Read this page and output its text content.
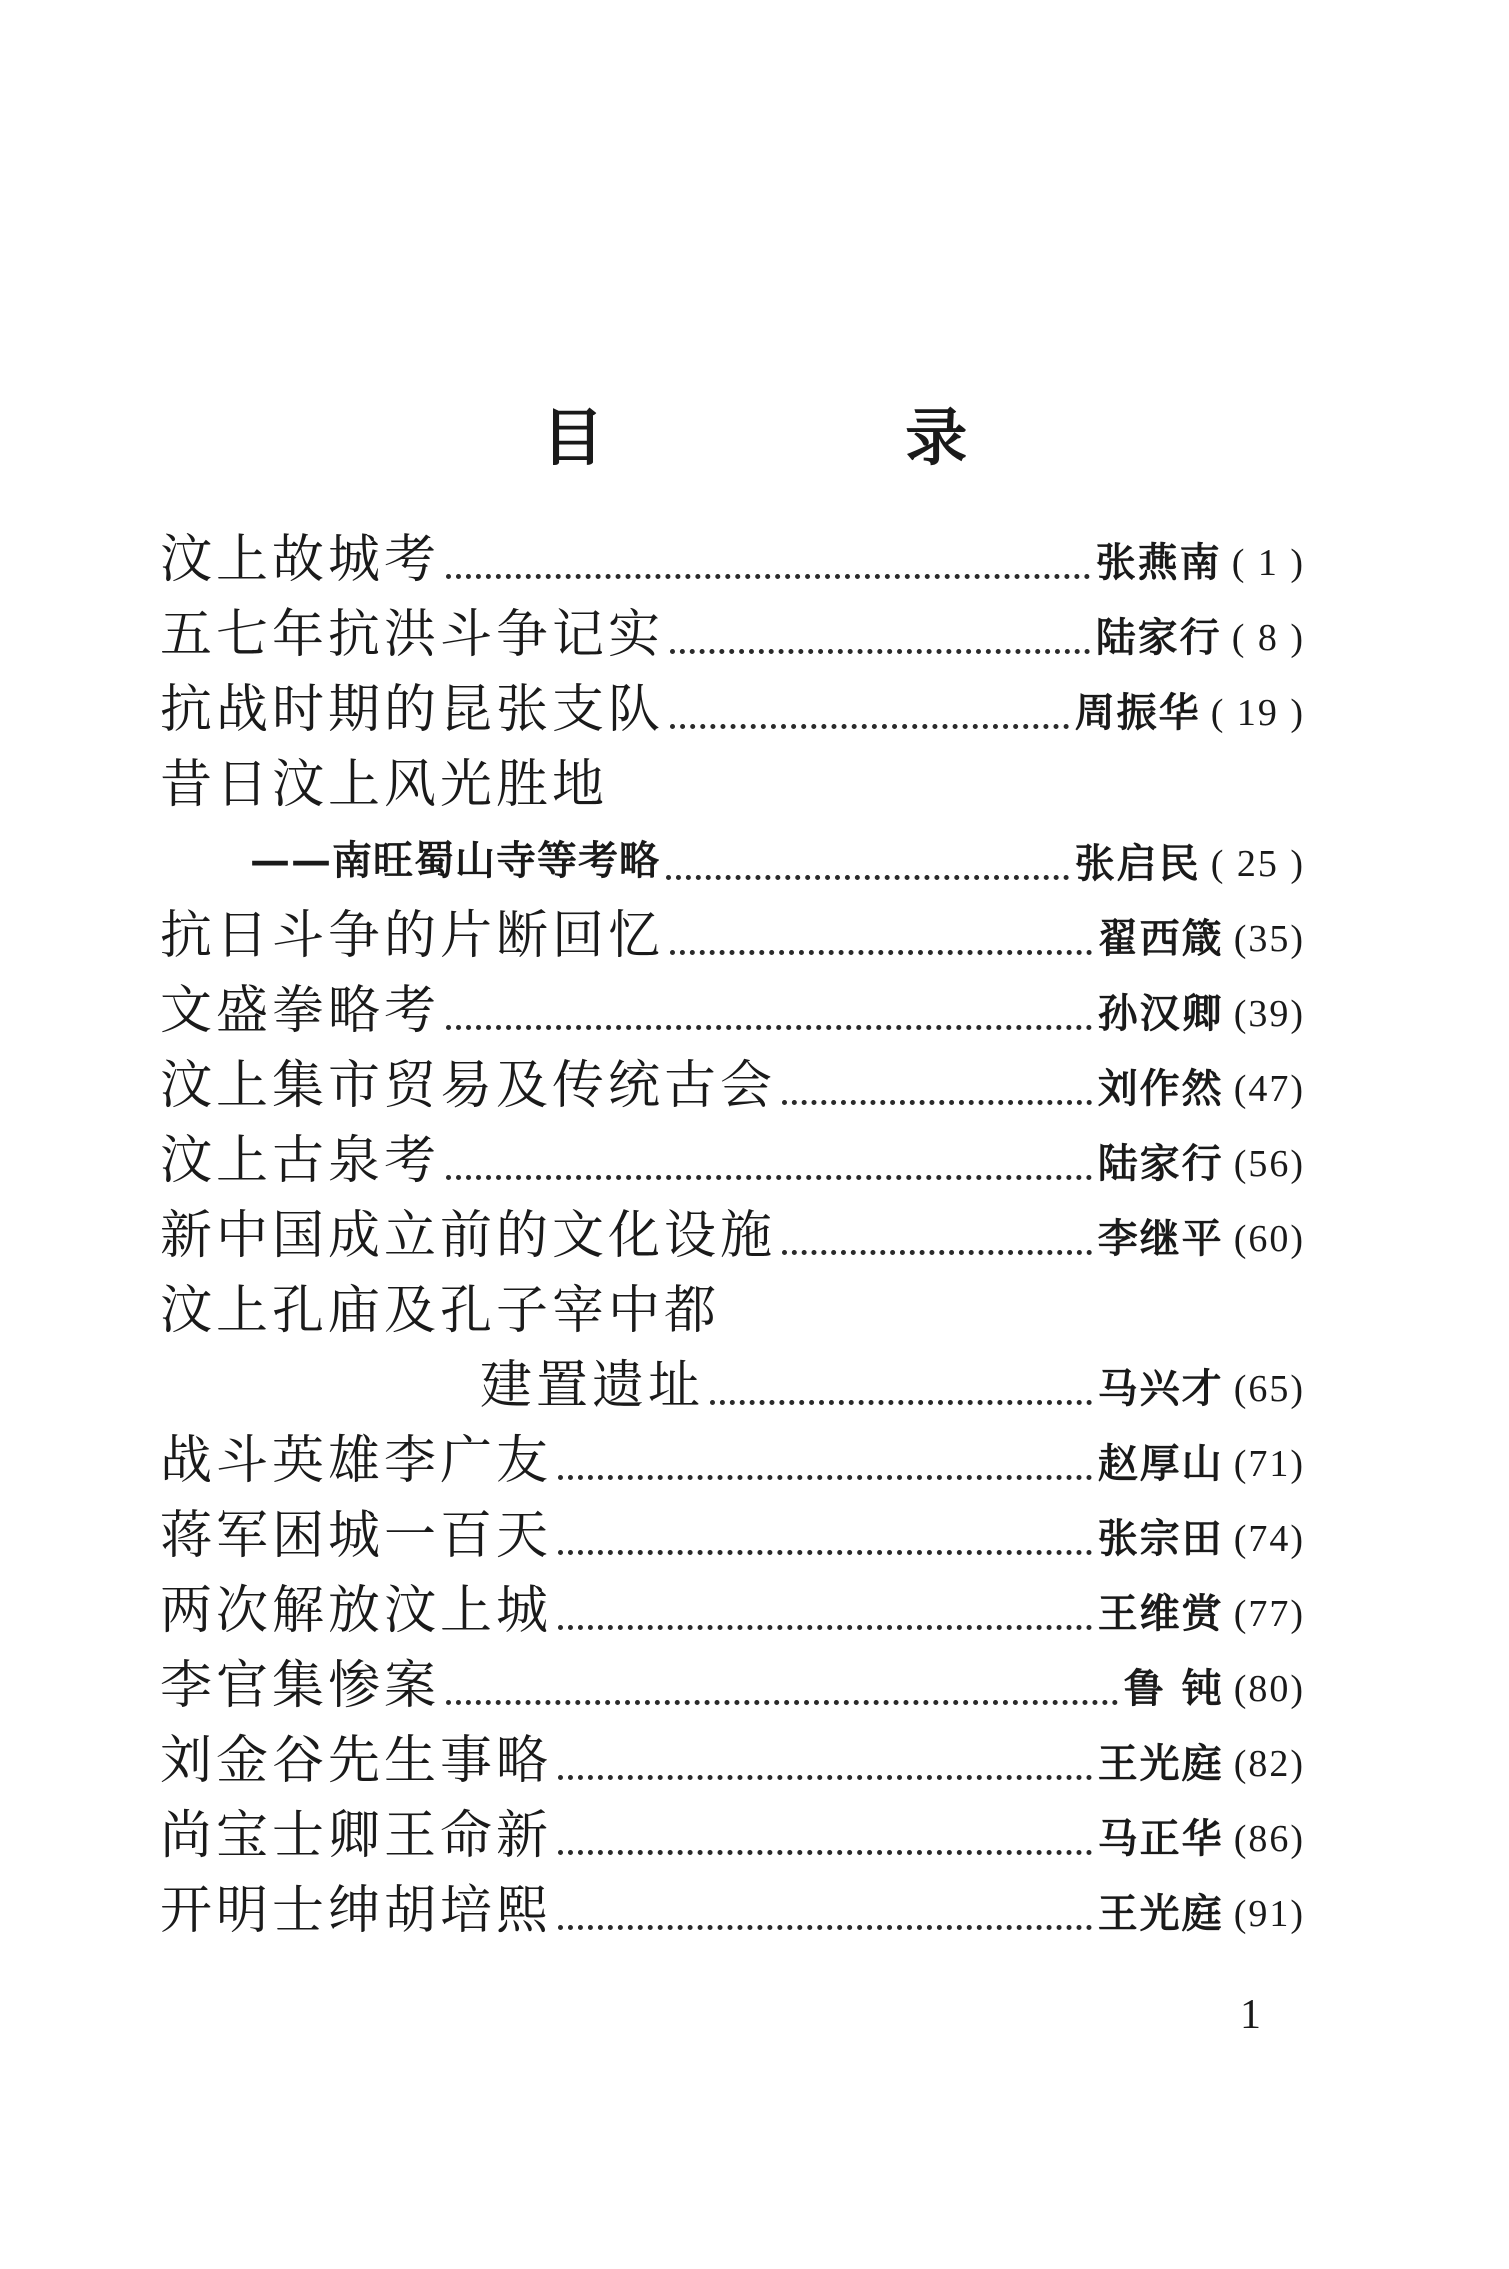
目 录
汶上故城考	张燕南 ( 1 )
五七年抗洪斗争记实	陆家行 ( 8 )
抗战时期的昆张支队	周振华 ( 19 )
昔日汶上风光胜地
——南旺蜀山寺等考略	张启民 ( 25 )
抗日斗争的片断回忆	翟西箴 (35)
文盛拳略考	孙汉卿 (39)
汶上集市贸易及传统古会	刘作然 (47)
汶上古泉考	陆家行 (56)
新中国成立前的文化设施	李继平 (60)
汶上孔庙及孔子宰中都
建置遗址	马兴才 (65)
战斗英雄李广友	赵厚山 (71)
蒋军困城一百天	张宗田 (74)
两次解放汶上城	王维赏 (77)
李官集惨案	鲁 钝 (80)
刘金谷先生事略	王光庭 (82)
尚宝士卿王命新	马正华 (86)
开明士绅胡培熙	王光庭 (91)
1
